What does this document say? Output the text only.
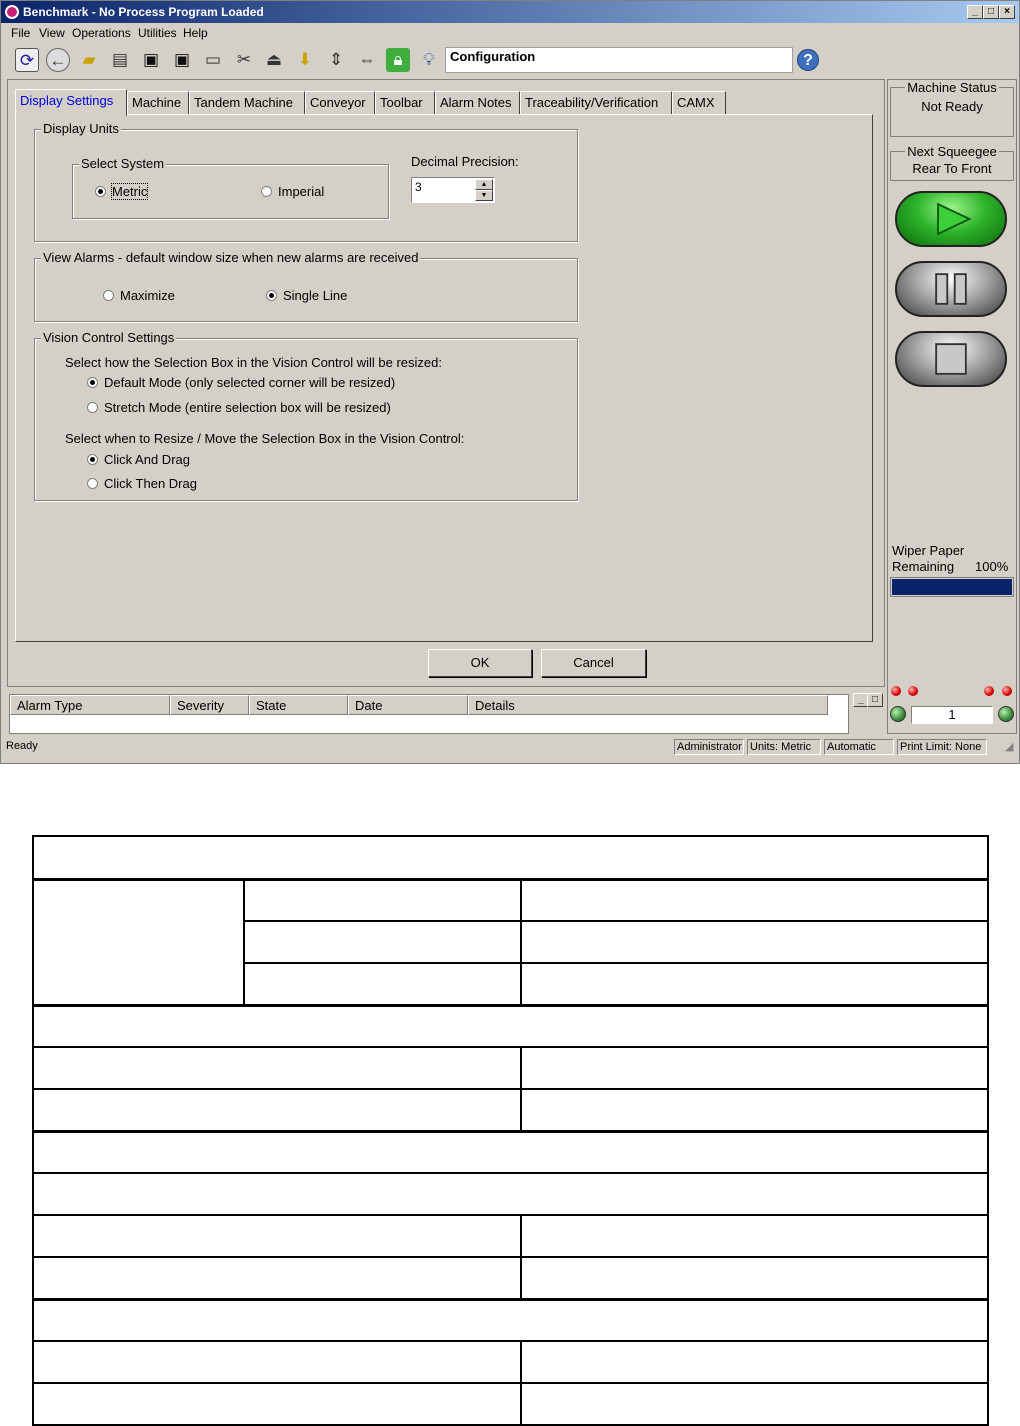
Benchmark - No Process Program Loaded	_	□	×
File View Operations Utilities Help
⟳ ← ▰ ▤ ▣ ▣ ▭ ✂ ⏏ ⬇ ⇕ ⇔	🔒︎	💡︎	Configuration	?
Display Settings	Machine Tandem Machine	Conveyor	Toolbar	Alarm Notes	Traceability/Verification	CAMX
Display Units
Select System
Metric	Imperial
Decimal Precision:
3	▲
▼
View Alarms - default window size when new alarms are received
Maximize	Single Line
Vision Control Settings
Select how the Selection Box in the Vision Control will be resized:
Default Mode (only selected corner will be resized)
Stretch Mode (entire selection box will be resized)
Select when to Resize / Move the Selection Box in the Vision Control:
Click And Drag
Click Then Drag
OK	Cancel
Machine Status
Not Ready
Next Squeegee
Rear To Front
Wiper Paper
Remaining 100%
1
Alarm Type	Severity	State	Date	Details	_ □
Ready	Administrator Units: Metric	Automatic	Print Limit: None	◢
